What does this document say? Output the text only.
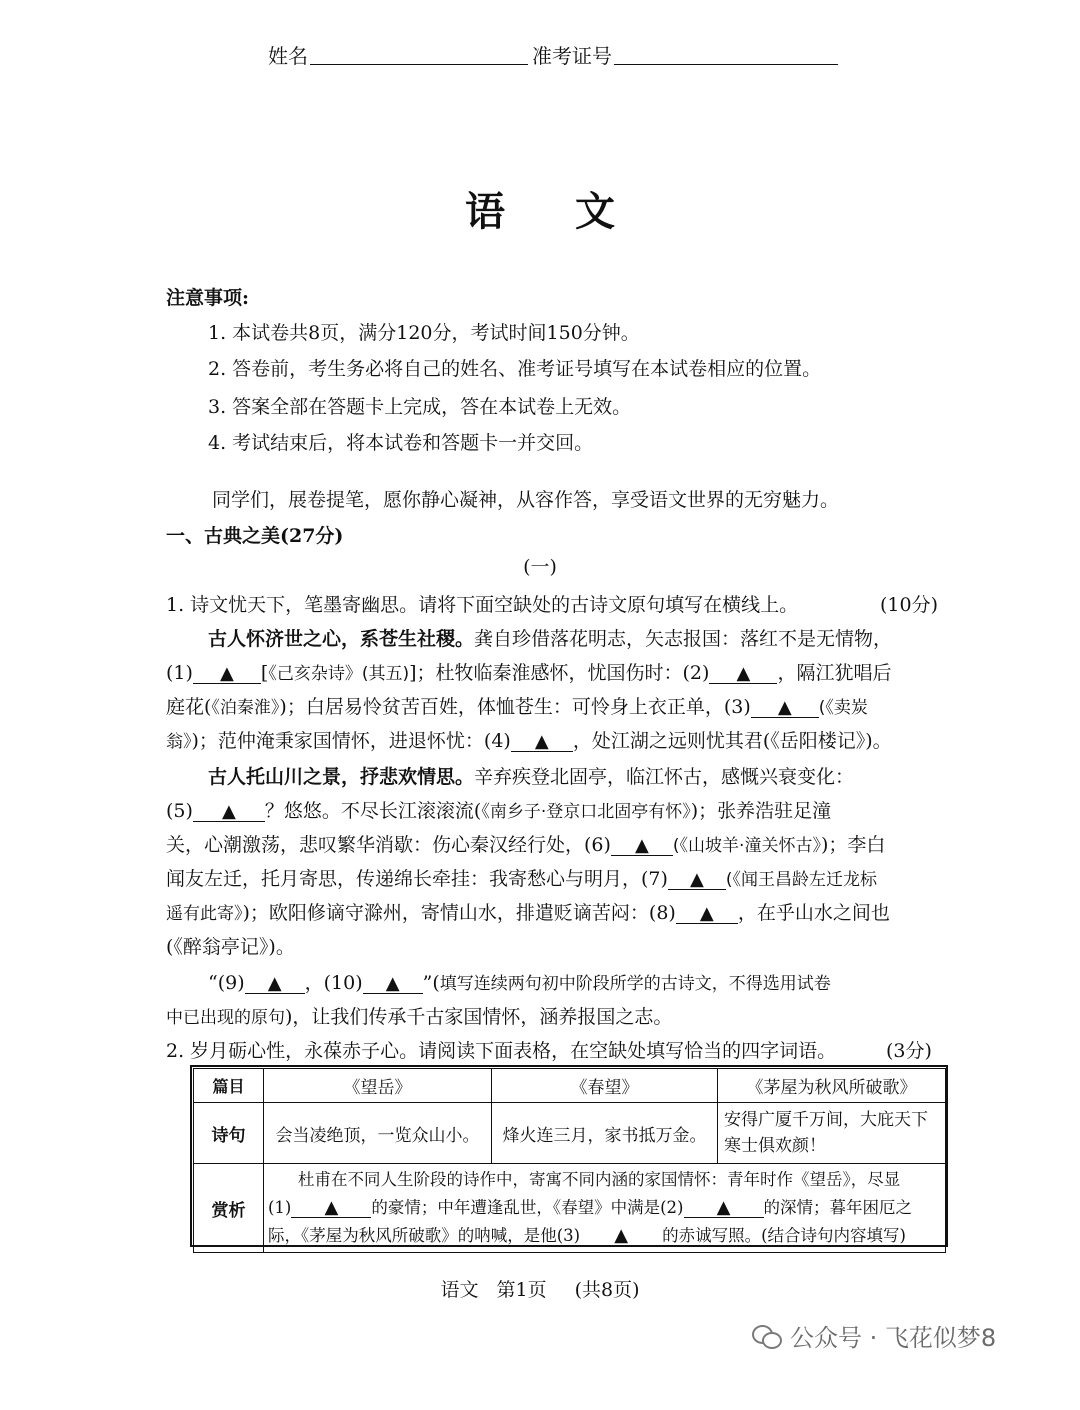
姓名	准考证号
语文
注意事项:
1. 本试卷共8页，满分120分，考试时间150分钟。
2. 答卷前，考生务必将自己的姓名、准考证号填写在本试卷相应的位置。
3. 答案全部在答题卡上完成，答在本试卷上无效。
4. 考试结束后，将本试卷和答题卡一并交回。
同学们，展卷提笔，愿你静心凝神，从容作答，享受语文世界的无穷魅力。
一、古典之美(27分)
(一)
1. 诗文忧天下，笔墨寄幽思。请将下面空缺处的古诗文原句填写在横线上。	(10分)
古人怀济世之心，系苍生社稷。龚自珍借落花明志，矢志报国：落红不是无情物，
(1) ▲ [《己亥杂诗》(其五)]；杜牧临秦淮感怀，忧国伤时：(2) ▲ ，隔江犹唱后
庭花(《泊秦淮》)；白居易怜贫苦百姓，体恤苍生：可怜身上衣正单，(3) ▲ (《卖炭
翁》)；范仲淹秉家国情怀，进退怀忧：(4) ▲ ，处江湖之远则忧其君(《岳阳楼记》)。
古人托山川之景，抒悲欢情思。辛弃疾登北固亭，临江怀古，感慨兴衰变化：
(5) ▲ ？悠悠。不尽长江滚滚流(《南乡子·登京口北固亭有怀》)；张养浩驻足潼
关，心潮激荡，悲叹繁华消歇：伤心秦汉经行处，(6) ▲ (《山坡羊·潼关怀古》)；李白
闻友左迁，托月寄思，传递绵长牵挂：我寄愁心与明月，(7) ▲ (《闻王昌龄左迁龙标
遥有此寄》)；欧阳修谪守滁州，寄情山水，排遣贬谪苦闷：(8) ▲ ，在乎山水之间也
(《醉翁亭记》)。
“(9) ▲ ，(10) ▲ ”(填写连续两句初中阶段所学的古诗文，不得选用试卷
中已出现的原句)，让我们传承千古家国情怀，涵养报国之志。
2. 岁月砺心性，永葆赤子心。请阅读下面表格，在空缺处填写恰当的四字词语。	(3分)
篇目	《望岳》	《春望》	《茅屋为秋风所破歌》
诗句	会当凌绝顶，一览众山小。	烽火连三月，家书抵万金。	安得广厦千万间，大庇天下寒士俱欢颜！
赏析	杜甫在不同人生阶段的诗作中，寄寓不同内涵的家国情怀：青年时作《望岳》，尽显
(1) ▲ 的豪情；中年遭逢乱世，《春望》中满是(2) ▲ 的深情；暮年困厄之
际，《茅屋为秋风所破歌》的呐喊，是他(3) ▲ 的赤诚写照。(结合诗句内容填写)		
语文 第1页 (共8页)
公众号 · 飞花似梦8
